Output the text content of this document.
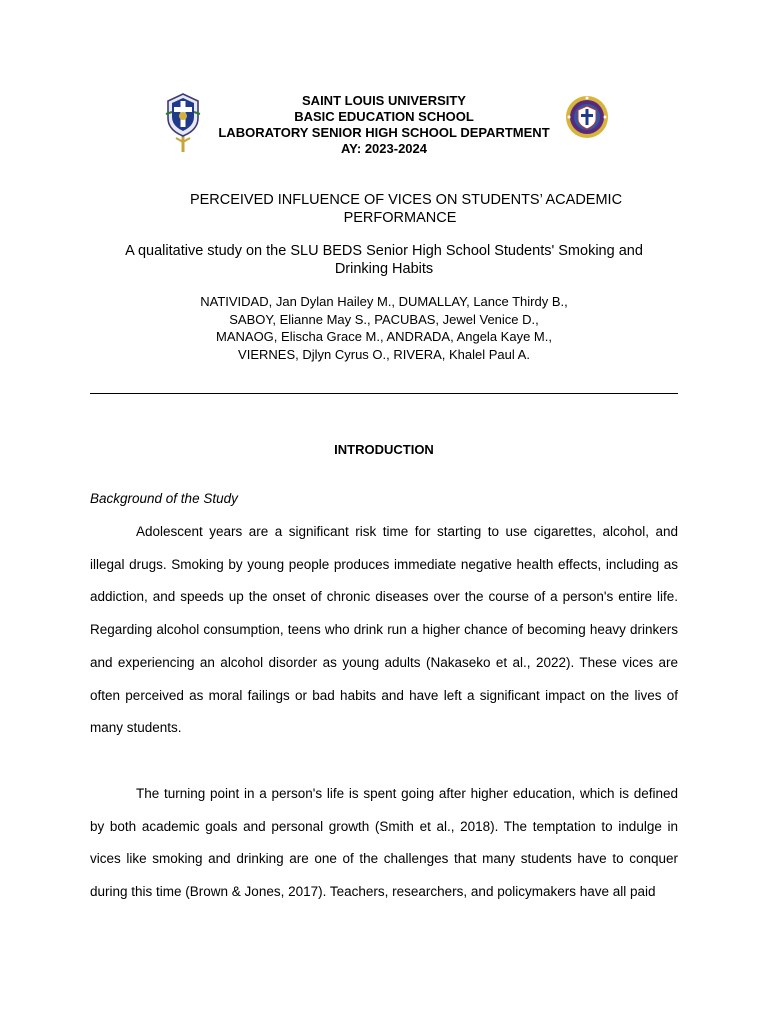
SAINT LOUIS UNIVERSITY
BASIC EDUCATION SCHOOL
LABORATORY SENIOR HIGH SCHOOL DEPARTMENT
AY: 2023-2024
PERCEIVED INFLUENCE OF VICES ON STUDENTS’ ACADEMIC
PERFORMANCE
A qualitative study on the SLU BEDS Senior High School Students' Smoking and Drinking Habits
NATIVIDAD, Jan Dylan Hailey M., DUMALLAY, Lance Thirdy B.,
SABOY, Elianne May S., PACUBAS, Jewel Venice D.,
MANAOG, Elischa Grace M., ANDRADA, Angela Kaye M.,
VIERNES, Djlyn Cyrus O., RIVERA, Khalel Paul A.
INTRODUCTION
Background of the Study

Adolescent years are a significant risk time for starting to use cigarettes, alcohol, and illegal drugs. Smoking by young people produces immediate negative health effects, including as addiction, and speeds up the onset of chronic diseases over the course of a person's entire life. Regarding alcohol consumption, teens who drink run a higher chance of becoming heavy drinkers and experiencing an alcohol disorder as young adults (Nakaseko et al., 2022). These vices are often perceived as moral failings or bad habits and have left a significant impact on the lives of many students.

The turning point in a person's life is spent going after higher education, which is defined by both academic goals and personal growth (Smith et al., 2018). The temptation to indulge in vices like smoking and drinking are one of the challenges that many students have to conquer during this time (Brown & Jones, 2017). Teachers, researchers, and policymakers have all paid
